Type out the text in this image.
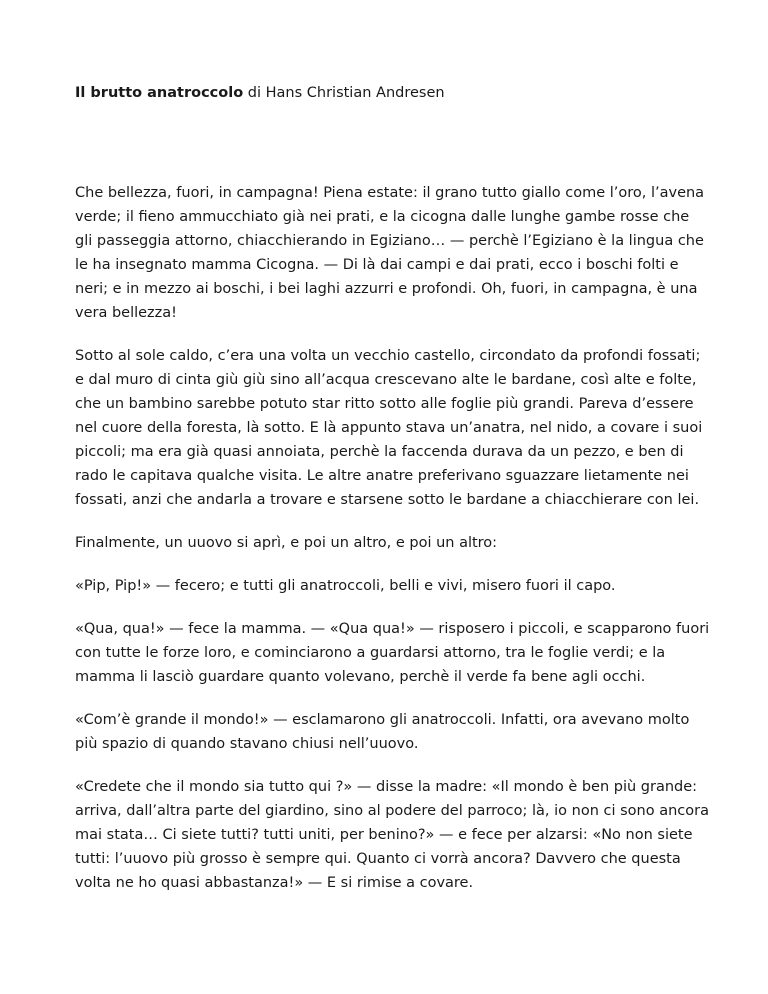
Il brutto anatroccolo di Hans Christian Andresen

Che bellezza, fuori, in campagna! Piena estate: il grano tutto giallo come l’oro, l’avena verde; il fieno ammucchiato già nei prati, e la cicogna dalle lunghe gambe rosse che gli passeggia attorno, chiacchierando in Egiziano… — perchè l’Egiziano è la lingua che le ha insegnato mamma Cicogna. — Di là dai campi e dai prati, ecco i boschi folti e neri; e in mezzo ai boschi, i bei laghi azzurri e profondi. Oh, fuori, in campagna, è una vera bellezza!

Sotto al sole caldo, c’era una volta un vecchio castello, circondato da profondi fossati; e dal muro di cinta giù giù sino all’acqua crescevano alte le bardane, così alte e folte, che un bambino sarebbe potuto star ritto sotto alle foglie più grandi. Pareva d’essere nel cuore della foresta, là sotto. E là appunto stava un’anatra, nel nido, a covare i suoi piccoli; ma era già quasi annoiata, perchè la faccenda durava da un pezzo, e ben di rado le capitava qualche visita. Le altre anatre preferivano sguazzare lietamente nei fossati, anzi che andarla a trovare e starsene sotto le bardane a chiacchierare con lei.

Finalmente, un uuovo si aprì, e poi un altro, e poi un altro:

«Pip, Pip!» — fecero; e tutti gli anatroccoli, belli e vivi, misero fuori il capo.

«Qua, qua!» — fece la mamma. — «Qua qua!» — risposero i piccoli, e scapparono fuori con tutte le forze loro, e cominciarono a guardarsi attorno, tra le foglie verdi; e la mamma li lasciò guardare quanto volevano, perchè il verde fa bene agli occhi.

«Com’è grande il mondo!» — esclamarono gli anatroccoli. Infatti, ora avevano molto più spazio di quando stavano chiusi nell’uuovo.

«Credete che il mondo sia tutto qui ?» — disse la madre: «Il mondo è ben più grande: arriva, dall’altra parte del giardino, sino al podere del parroco; là, io non ci sono ancora mai stata… Ci siete tutti? tutti uniti, per benino?» — e fece per alzarsi: «No non siete tutti: l’uuovo più grosso è sempre qui. Quanto ci vorrà ancora? Davvero che questa volta ne ho quasi abbastanza!» — E si rimise a covare.
